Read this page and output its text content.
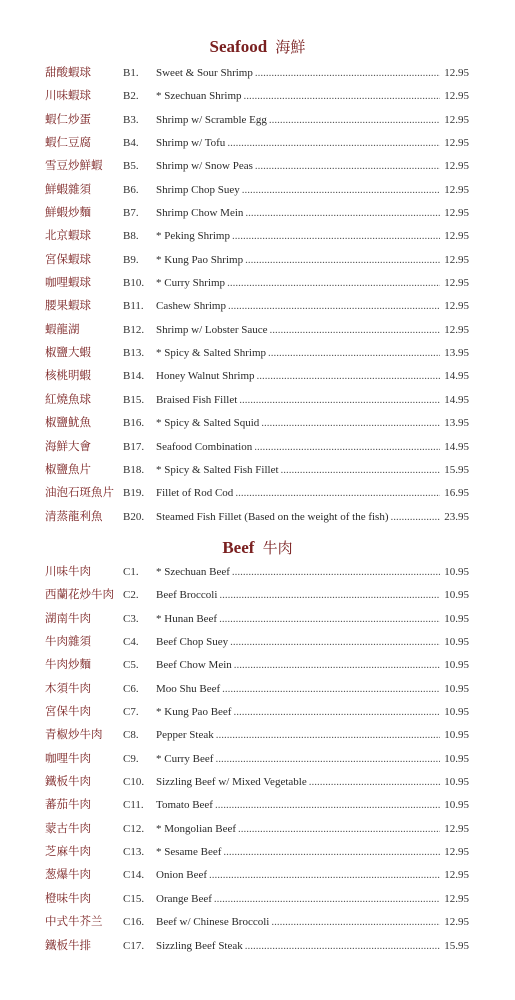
Seafood 海鮮
甜酸蝦球	B1. Sweet & Sour Shrimp .....	12.95
川味蝦球	B2. * Szechuan Shrimp .....	12.95
蝦仁炒蛋	B3. Shrimp w/ Scramble Egg .....	12.95
蝦仁豆腐	B4. Shrimp w/ Tofu .....	12.95
雪豆炒鮮蝦 B5. Shrimp w/ Snow Peas .....	12.95
鮮蝦雜須	B6. Shrimp Chop Suey .....	12.95
鮮蝦炒麵	B7. Shrimp Chow Mein .....	12.95
北京蝦球	B8. * Peking Shrimp .....	12.95
宮保蝦球	B9. * Kung Pao Shrimp .....	12.95
咖哩蝦球	B10. * Curry Shrimp .....	12.95
腰果蝦球	B11. Cashew Shrimp .....	12.95
蝦龍湖	B12. Shrimp w/ Lobster Sauce .....	12.95
椒鹽大蝦	B13. * Spicy & Salted Shrimp .....	13.95
核桃明蝦	B14. Honey Walnut Shrimp .....	14.95
紅燒魚球	B15. Braised Fish Fillet .....	14.95
椒鹽魷魚	B16. * Spicy & Salted Squid .....	13.95
海鮮大會	B17. Seafood Combination .....	14.95
椒鹽魚片	B18. * Spicy & Salted Fish Fillet .....	15.95
油泡石斑魚片 B19. Fillet of Rod Cod .....	16.95
清蒸龍利魚 B20. Steamed Fish Fillet (Based on the weight of the fish) .....	23.95
Beef 牛肉
川味牛肉	C1. * Szechuan Beef .....	10.95
西蘭花炒牛肉 C2. Beef Broccoli .....	10.95
湖南牛肉	C3. * Hunan Beef .....	10.95
牛肉雜須	C4. Beef Chop Suey .....	10.95
牛肉炒麵	C5. Beef Chow Mein .....	10.95
木須牛肉	C6. Moo Shu Beef .....	10.95
宮保牛肉	C7. * Kung Pao Beef .....	10.95
青椒炒牛肉 C8. Pepper Steak .....	10.95
咖哩牛肉	C9. * Curry Beef .....	10.95
鐵板牛肉	C10. Sizzling Beef w/ Mixed Vegetable .....	10.95
蕃茄牛肉	C11. Tomato Beef .....	10.95
蒙古牛肉	C12. * Mongolian Beef .....	12.95
芝麻牛肉	C13. * Sesame Beef .....	12.95
葱爆牛肉	C14. Onion Beef .....	12.95
橙味牛肉	C15. Orange Beef .....	12.95
中式牛芥兰 C16. Beef w/ Chinese Broccoli .....	12.95
鐵板牛排	C17. Sizzling Beef Steak .....	15.95
